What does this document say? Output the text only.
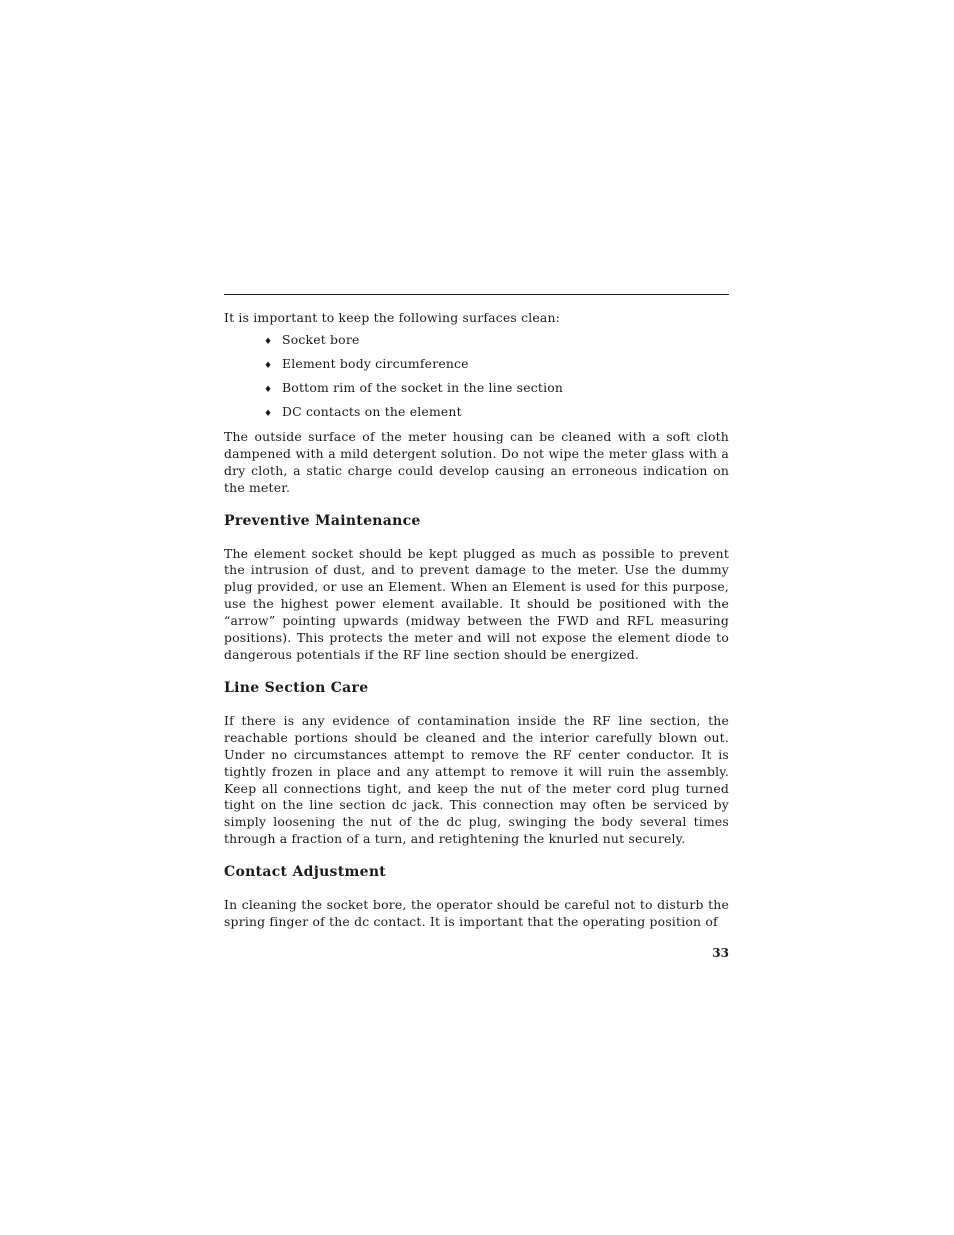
It is important to keep the following surfaces clean:

♦ Socket bore
♦ Element body circumference
♦ Bottom rim of the socket in the line section
♦ DC contacts on the element

The outside surface of the meter housing can be cleaned with a soft cloth dampened with a mild detergent solution. Do not wipe the meter glass with a dry cloth, a static charge could develop causing an erroneous indication on the meter.

Preventive Maintenance

The element socket should be kept plugged as much as possible to prevent the intrusion of dust, and to prevent damage to the meter. Use the dummy plug provided, or use an Element. When an Element is used for this purpose, use the highest power element available. It should be positioned with the “arrow” pointing upwards (midway between the FWD and RFL measuring positions). This protects the meter and will not expose the element diode to dangerous potentials if the RF line section should be energized.

Line Section Care

If there is any evidence of contamination inside the RF line section, the reachable portions should be cleaned and the interior carefully blown out. Under no circumstances attempt to remove the RF center conductor. It is tightly frozen in place and any attempt to remove it will ruin the assembly. Keep all connections tight, and keep the nut of the meter cord plug turned tight on the line section dc jack. This connection may often be serviced by simply loosening the nut of the dc plug, swinging the body several times through a fraction of a turn, and retightening the knurled nut securely.

Contact Adjustment

In cleaning the socket bore, the operator should be careful not to disturb the spring finger of the dc contact. It is important that the operating position of

33
